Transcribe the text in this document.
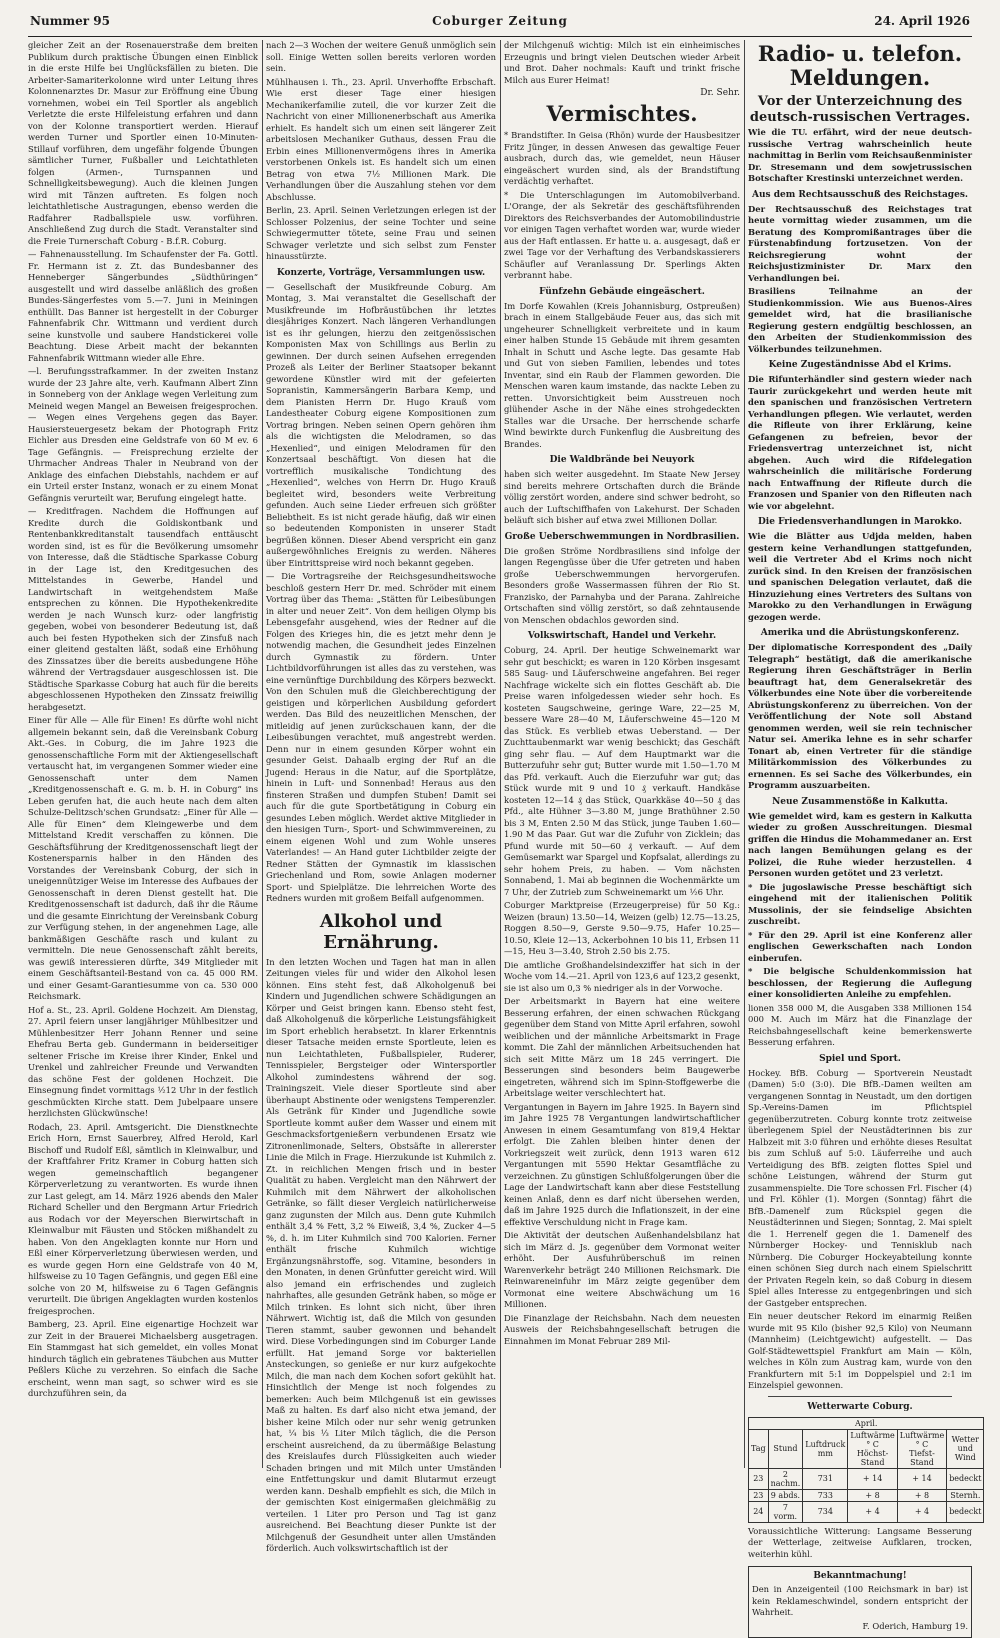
Nummer 95	Coburger Zeitung	24. April 1926

gleicher Zeit an der Rosenauerstraße dem breiten Publikum durch praktische Übungen einen Einblick in die erste Hilfe bei Unglücksfällen zu bieten. Die Arbeiter-Samariterkolonne wird unter Leitung ihres Kolonnenarztes Dr. Masur zur Eröffnung eine Übung vornehmen, wobei ein Teil Sportler als angeblich Verletzte die erste Hilfeleistung erfahren und dann von der Kolonne transportiert werden. Hierauf werden Turner und Sportler einen 10-Minuten-Stillauf vorführen, dem ungefähr folgende Übungen sämtlicher Turner, Fußballer und Leichtathleten folgen (Armen-, Turnspannen und Schnelligkeitsbewegung). Auch die kleinen Jungen wird mit Tänzen auftreten. Es folgen noch leichtathletische Austragungen, ebenso werden die Radfahrer Radballspiele usw. vorführen. Anschließend Zug durch die Stadt. Veranstalter sind die Freie Turnerschaft Coburg - B.f.R. Coburg.

— Fahnenausstellung. Im Schaufenster der Fa. Gottl. Fr. Hermann ist z. Zt. das Bundesbanner des Henneberger Sängerbundes „Südthüringen“ ausgestellt und wird dasselbe anläßlich des großen Bundes-Sängerfestes vom 5.—7. Juni in Meiningen enthüllt. Das Banner ist hergestellt in der Coburger Fahnenfabrik Chr. Wittmann und verdient durch seine kunstvolle und saubere Handstickerei volle Beachtung. Diese Arbeit macht der bekannten Fahnenfabrik Wittmann wieder alle Ehre.

—l. Berufungsstrafkammer. In der zweiten Instanz wurde der 23 Jahre alte, verh. Kaufmann Albert Zinn in Sonneberg von der Anklage wegen Verleitung zum Meineid wegen Mangel an Beweisen freigesprochen. — Wegen eines Vergehens gegen das Bayer. Hausiersteuergesetz bekam der Photograph Fritz Eichler aus Dresden eine Geldstrafe von 60 M ev. 6 Tage Gefängnis. — Freisprechung erzielte der Uhrmacher Andreas Thaler in Neubrand von der Anklage des einfachen Diebstahls, nachdem er auf ein Urteil erster Instanz, wonach er zu einem Monat Gefängnis verurteilt war, Berufung eingelegt hatte.

— Kreditfragen. Nachdem die Hoffnungen auf Kredite durch die Goldiskontbank und Rentenbankkreditanstalt tausendfach enttäuscht worden sind, ist es für die Bevölkerung umsomehr von Interesse, daß die Städtische Sparkasse Coburg in der Lage ist, den Kreditgesuchen des Mittelstandes in Gewerbe, Handel und Landwirtschaft in weitgehendstem Maße entsprechen zu können. Die Hypothekenkredite werden je nach Wunsch kurz- oder langfristig gegeben, wobei von besonderer Bedeutung ist, daß auch bei festen Hypotheken sich der Zinsfuß nach einer gleitend gestalten läßt, sodaß eine Erhöhung des Zinssatzes über die bereits ausbedungene Höhe während der Vertragsdauer ausgeschlossen ist. Die Städtische Sparkasse Coburg hat auch für die bereits abgeschlossenen Hypotheken den Zinssatz freiwillig herabgesetzt.

Einer für Alle — Alle für Einen! Es dürfte wohl nicht allgemein bekannt sein, daß die Vereinsbank Coburg Akt.-Ges. in Coburg, die im Jahre 1923 die genossenschaftliche Form mit der Aktiengesellschaft vertauscht hat, im vergangenen Sommer wieder eine Genossenschaft unter dem Namen „Kreditgenossenschaft e. G. m. b. H. in Coburg“ ins Leben gerufen hat, die auch heute nach dem alten Schulze-Delitzsch'schen Grundsatz: „Einer für Alle — Alle für Einen“ dem Kleingewerbe und dem Mittelstand Kredit verschaffen zu können. Die Geschäftsführung der Kreditgenossenschaft liegt der Kostenersparnis halber in den Händen des Vorstandes der Vereinsbank Coburg, der sich in uneigennütziger Weise im Interesse des Aufbaues der Genossenschaft in deren Dienst gestellt hat. Die Kreditgenossenschaft ist dadurch, daß ihr die Räume und die gesamte Einrichtung der Vereinsbank Coburg zur Verfügung stehen, in der angenehmen Lage, alle bankmäßigen Geschäfte rasch und kulant zu vermitteln. Die neue Genossenschaft zählt bereits, was gewiß interessieren dürfte, 349 Mitglieder mit einem Geschäftsanteil-Bestand von ca. 45 000 RM. und einer Gesamt-Garantiesumme von ca. 530 000 Reichsmark.

Hof a. St., 23. April. Goldene Hochzeit. Am Dienstag, 27. April feiern unser langjähriger Mühlbesitzer und Mühlenbesitzer Herr Johann Renner und seine Ehefrau Berta geb. Gundermann in beiderseitiger seltener Frische im Kreise ihrer Kinder, Enkel und Urenkel und zahlreicher Freunde und Verwandten das schöne Fest der goldenen Hochzeit. Die Einsegnung findet vormittags ½12 Uhr in der festlich geschmückten Kirche statt. Dem Jubelpaare unsere herzlichsten Glückwünsche!

Rodach, 23. April. Amtsgericht. Die Dienstknechte Erich Horn, Ernst Sauerbrey, Alfred Herold, Karl Bischoff und Rudolf Eßl, sämtlich in Kleinwalbur, und der Kraftfahrer Fritz Kramer in Coburg hatten sich wegen gemeinschaftlich begangener Körperverletzung zu verantworten. Es wurde ihnen zur Last gelegt, am 14. März 1926 abends den Maler Richard Scheller und den Bergmann Artur Friedrich aus Rodach vor der Meyerschen Bierwirtschaft in Kleinwalbur mit Fäusten und Stöcken mißhandelt zu haben. Von den Angeklagten konnte nur Horn und Eßl einer Körperverletzung überwiesen werden, und es wurde gegen Horn eine Geldstrafe von 40 M, hilfsweise zu 10 Tagen Gefängnis, und gegen Eßl eine solche von 20 M, hilfsweise zu 6 Tagen Gefängnis verurteilt. Die übrigen Angeklagten wurden kostenlos freigesprochen.

Bamberg, 23. April. Eine eigenartige Hochzeit war zur Zeit in der Brauerei Michaelsberg ausgetragen. Ein Stammgast hat sich gemeldet, ein volles Monat hindurch täglich ein gebratenes Täubchen aus Mutter Peßlers Küche zu verzehren. So einfach die Sache erscheint, wenn man sagt, so schwer wird es sie durchzuführen sein, da

nach 2—3 Wochen der weitere Genuß unmöglich sein soll. Einige Wetten sollen bereits verloren worden sein.

Mühlhausen i. Th., 23. April. Unverhoffte Erbschaft. Wie erst dieser Tage einer hiesigen Mechanikerfamilie zuteil, die vor kurzer Zeit die Nachricht von einer Millionenerbschaft aus Amerika erhielt. Es handelt sich um einen seit längerer Zeit arbeitslosen Mechaniker Guthaus, dessen Frau die Erbin eines Millionenvermögens ihres in Amerika verstorbenen Onkels ist. Es handelt sich um einen Betrag von etwa 7½ Millionen Mark. Die Verhandlungen über die Auszahlung stehen vor dem Abschlusse.

Berlin, 23. April. Seinen Verletzungen erlegen ist der Schlosser Polzenius, der seine Tochter und seine Schwiegermutter tötete, seine Frau und seinen Schwager verletzte und sich selbst zum Fenster hinausstürzte.

Konzerte, Vorträge, Versammlungen usw.

— Gesellschaft der Musikfreunde Coburg. Am Montag, 3. Mai veranstaltet die Gesellschaft der Musikfreunde im Hofbräustübchen ihr letztes diesjähriges Konzert. Nach längeren Verhandlungen ist es ihr gelungen, hierzu den zeitgenössischen Komponisten Max von Schillings aus Berlin zu gewinnen. Der durch seinen Aufsehen erregenden Prozeß als Leiter der Berliner Staatsoper bekannt gewordene Künstler wird mit der gefeierten Sopranistin, Kammersängerin Barbara Kemp, und dem Pianisten Herrn Dr. Hugo Krauß vom Landestheater Coburg eigene Kompositionen zum Vortrag bringen. Neben seinen Opern gehören ihm als die wichtigsten die Melodramen, so das „Hexenlied“, und einigen Melodramen für den Konzertsaal beschäftigt. Von diesen hat die vortrefflich musikalische Tondichtung des „Hexenlied“, welches von Herrn Dr. Hugo Krauß begleitet wird, besonders weite Verbreitung gefunden. Auch seine Lieder erfreuen sich größter Beliebtheit. Es ist nicht gerade häufig, daß wir einen so bedeutenden Komponisten in unserer Stadt begrüßen können. Dieser Abend verspricht ein ganz außergewöhnliches Ereignis zu werden. Näheres über Eintrittspreise wird noch bekannt gegeben.

— Die Vortragsreihe der Reichsgesundheitswoche beschloß gestern Herr Dr. med. Schröder mit einem Vortrag über das Thema: „Stätten für Leibesübungen in alter und neuer Zeit“. Von dem heiligen Olymp bis Lebensgefahr ausgehend, wies der Redner auf die Folgen des Krieges hin, die es jetzt mehr denn je notwendig machen, die Gesundheit jedes Einzelnen durch Gymnastik zu fördern. Unter Lichtbildvorführungen ist alles das zu verstehen, was eine vernünftige Durchbildung des Körpers bezweckt. Von den Schulen muß die Gleichberechtigung der geistigen und körperlichen Ausbildung gefordert werden. Das Bild des neuzeitlichen Menschen, der mitleidig auf jenen zurückschauen kann, der die Leibesübungen verachtet, muß angestrebt werden. Denn nur in einem gesunden Körper wohnt ein gesunder Geist. Dahaalb erging der Ruf an die Jugend: Heraus in die Natur, auf die Sportplätze, hinein in Luft- und Sonnenbad! Heraus aus den finsteren Straßen und dumpfen Stuben! Damit sei auch für die gute Sportbetätigung in Coburg ein gesundes Leben möglich. Werdet aktive Mitglieder in den hiesigen Turn-, Sport- und Schwimmvereinen, zu einem eigenen Wohl und zum Wohle unseres Vaterlandes! — An Hand guter Lichtbilder zeigte der Redner Stätten der Gymnastik im klassischen Griechenland und Rom, sowie Anlagen moderner Sport- und Spielplätze. Die lehrreichen Worte des Redners wurden mit großem Beifall aufgenommen.

Alkohol und Ernährung.

In den letzten Wochen und Tagen hat man in allen Zeitungen vieles für und wider den Alkohol lesen können. Eins steht fest, daß Alkoholgenuß bei Kindern und Jugendlichen schwere Schädigungen an Körper und Geist bringen kann. Ebenso steht fest, daß Alkoholgenuß die körperliche Leistungsfähigkeit im Sport erheblich herabsetzt. In klarer Erkenntnis dieser Tatsache meiden ernste Sportleute, leien es nun Leichtathleten, Fußballspieler, Ruderer, Tennisspieler, Bergsteiger oder Wintersportler Alkohol zumindestens während der sog. Trainingszeit. Viele dieser Sportleute sind aber überhaupt Abstinente oder wenigstens Temperenzler. Als Getränk für Kinder und Jugendliche sowie Sportleute kommt außer dem Wasser und einem mit Geschmacksfortgenießern verbundenen Ersatz wie Zitronenlimonade, Selters, Obstsäfte in allererster Linie die Milch in Frage. Hierzukunde ist Kuhmilch z. Zt. in reichlichen Mengen frisch und in bester Qualität zu haben. Vergleicht man den Nährwert der Kuhmilch mit dem Nährwert der alkoholischen Getränke, so fällt dieser Vergleich natürlicherweise ganz zugunsten der Milch aus. Denn gute Kuhmilch enthält 3,4 % Fett, 3,2 % Eiweiß, 3,4 %, Zucker 4—5 %, d. h. im Liter Kuhmilch sind 700 Kalorien. Ferner enthält frische Kuhmilch wichtige Ergänzungsnährstoffe, sog. Vitamine, besonders in den Monaten, in denen Grünfutter gereicht wird. Will also jemand ein erfrischendes und zugleich nahrhaftes, alle gesunden Getränk haben, so möge er Milch trinken. Es lohnt sich nicht, über ihren Nährwert. Wichtig ist, daß die Milch von gesunden Tieren stammt, sauber gewonnen und behandelt wird. Diese Vorbedingungen sind im Coburger Lande erfüllt. Hat jemand Sorge vor bakteriellen Ansteckungen, so genieße er nur kurz aufgekochte Milch, die man nach dem Kochen sofort gekühlt hat. Hinsichtlich der Menge ist noch folgendes zu bemerken: Auch beim Milchgenuß ist ein gewisses Maß zu halten. Es darf also nicht etwa jemand, der bisher keine Milch oder nur sehr wenig getrunken hat, ¼ bis ⅓ Liter Milch täglich, die die Person erscheint ausreichend, da zu übermäßige Belastung des Kreislaufes durch Flüssigkeiten auch wieder Schaden bringen und mit Milch unter Umständen eine Entfettungskur und damit Blutarmut erzeugt werden kann. Deshalb empfiehlt es sich, die Milch in der gemischten Kost einigermaßen gleichmäßig zu verteilen. 1 Liter pro Person und Tag ist ganz ausreichend. Bei Beachtung dieser Punkte ist der Milchgenuß der Gesundheit unter allen Umständen förderlich. Auch volkswirtschaftlich ist der

der Milchgenuß wichtig: Milch ist ein einheimisches Erzeugnis und bringt vielen Deutschen wieder Arbeit und Brot. Daher nochmals: Kauft und trinkt frische Milch aus Eurer Heimat!

Dr. Sehr.
Vermischtes.

* Brandstifter. In Geisa (Rhön) wurde der Hausbesitzer Fritz Jünger, in dessen Anwesen das gewaltige Feuer ausbrach, durch das, wie gemeldet, neun Häuser eingeäschert wurden sind, als der Brandstiftung verdächtig verhaftet.

* Die Unterschlagungen im Automobilverband. L'Orange, der als Sekretär des geschäftsführenden Direktors des Reichsverbandes der Automobilindustrie vor einigen Tagen verhaftet worden war, wurde wieder aus der Haft entlassen. Er hatte u. a. ausgesagt, daß er zwei Tage vor der Verhaftung des Verbandskassierers Schäufler auf Veranlassung Dr. Sperlings Akten verbrannt habe.

Fünfzehn Gebäude eingeäschert.

Im Dorfe Kowahlen (Kreis Johannisburg, Ostpreußen) brach in einem Stallgebäude Feuer aus, das sich mit ungeheurer Schnelligkeit verbreitete und in kaum einer halben Stunde 15 Gebäude mit ihrem gesamten Inhalt in Schutt und Asche legte. Das gesamte Hab und Gut von sieben Familien, lebendes und totes Inventar, sind ein Raub der Flammen geworden. Die Menschen waren kaum imstande, das nackte Leben zu retten. Unvorsichtigkeit beim Ausstreuen noch glühender Asche in der Nähe eines strohgedeckten Stalles war die Ursache. Der herrschende scharfe Wind bewirkte durch Funkenflug die Ausbreitung des Brandes.

Die Waldbrände bei Neuyork

haben sich weiter ausgedehnt. Im Staate New Jersey sind bereits mehrere Ortschaften durch die Brände völlig zerstört worden, andere sind schwer bedroht, so auch der Luftschiffhafen von Lakehurst. Der Schaden beläuft sich bisher auf etwa zwei Millionen Dollar.

Große Ueberschwemmungen in Nordbrasilien.

Die großen Ströme Nordbrasiliens sind infolge der langen Regengüsse über die Ufer getreten und haben große Ueberschwemmungen hervorgerufen. Besonders große Wassermassen führen der Rio St. Franzisko, der Parnahyba und der Parana. Zahlreiche Ortschaften sind völlig zerstört, so daß zehntausende von Menschen obdachlos geworden sind.

Volkswirtschaft, Handel und Verkehr.

Coburg, 24. April. Der heutige Schweinemarkt war sehr gut beschickt; es waren in 120 Körben insgesamt 585 Saug- und Läuferschweine angefahren. Bei reger Nachfrage wickelte sich ein flottes Geschäft ab. Die Preise waren infolgedessen wieder sehr hoch. Es kosteten Saugschweine, geringe Ware, 22—25 M, bessere Ware 28—40 M, Läuferschweine 45—120 M das Stück. Es verblieb etwas Ueberstand. — Der Zuchttaubenmarkt war wenig beschickt; das Geschäft ging sehr flau. — Auf dem Hauptmarkt war die Butterzufuhr sehr gut; Butter wurde mit 1.50—1.70 M das Pfd. verkauft. Auch die Eierzufuhr war gut; das Stück wurde mit 9 und 10 ₰ verkauft. Handkäse kosteten 12—14 ₰ das Stück, Quarkkäse 40—50 ₰ das Pfd., alte Hühner 3—3.80 M, junge Brathühner 2.50 bis 3 M, Enten 2.50 M das Stück, junge Tauben 1.60—1.90 M das Paar. Gut war die Zufuhr von Zicklein; das Pfund wurde mit 50—60 ₰ verkauft. — Auf dem Gemüsemarkt war Spargel und Kopfsalat, allerdings zu sehr hohem Preis, zu haben. — Vom nächsten Sonnabend, 1. Mai ab beginnen die Wochenmärkte um 7 Uhr, der Zutrieb zum Schweinemarkt um ½6 Uhr.

Coburger Marktpreise (Erzeugerpreise) für 50 Kg.: Weizen (braun) 13.50—14, Weizen (gelb) 12.75—13.25, Roggen 8.50—9, Gerste 9.50—9.75, Hafer 10.25—10.50, Kleie 12—13, Ackerbohnen 10 bis 11, Erbsen 11—15, Heu 3—3.40, Stroh 2.50 bis 2.75.

Die amtliche Großhandelsindexziffer hat sich in der Woche vom 14.—21. April von 123,6 auf 123,2 gesenkt, sie ist also um 0,3 % niedriger als in der Vorwoche.

Der Arbeitsmarkt in Bayern hat eine weitere Besserung erfahren, der einen schwachen Rückgang gegenüber dem Stand von Mitte April erfahren, sowohl weiblichen und der männliche Arbeitsmarkt in Frage kommt. Die Zahl der männlichen Arbeitsuchenden hat sich seit Mitte März um 18 245 verringert. Die Besserungen sind besonders beim Baugewerbe eingetreten, während sich im Spinn-Stoffgewerbe die Arbeitslage weiter verschlechtert hat.

Vergantungen in Bayern im Jahre 1925. In Bayern sind im Jahre 1925 78 Vergantungen landwirtschaftlicher Anwesen in einem Gesamtumfang von 819,4 Hektar erfolgt. Die Zahlen bleiben hinter denen der Vorkriegszeit weit zurück, denn 1913 waren 612 Vergantungen mit 5590 Hektar Gesamtfläche zu verzeichnen. Zu günstigen Schlußfolgerungen über die Lage der Landwirtschaft kann aber diese Feststellung keinen Anlaß, denn es darf nicht übersehen werden, daß im Jahre 1925 durch die Inflationszeit, in der eine effektive Verschuldung nicht in Frage kam.

Die Aktivität der deutschen Außenhandelsbilanz hat sich im März d. Js. gegenüber dem Vormonat weiter erhöht. Der Ausfuhrüberschuß im reinen Warenverkehr beträgt 240 Millionen Reichsmark. Die Reinwareneinfuhr im März zeigte gegenüber dem Vormonat eine weitere Abschwächung um 16 Millionen.

Die Finanzlage der Reichsbahn. Nach dem neuesten Ausweis der Reichsbahngesellschaft betrugen die Einnahmen im Monat Februar 289 Mil-

Radio- u. telefon. Meldungen.
Vor der Unterzeichnung des deutsch-russischen Vertrages.

Wie die TU. erfährt, wird der neue deutsch-russische Vertrag wahrscheinlich heute nachmittag in Berlin vom Reichsaußenminister Dr. Stresemann und dem sowjetrussischen Botschafter Krestinski unterzeichnet werden.

Aus dem Rechtsausschuß des Reichstages.

Der Rechtsausschuß des Reichstages trat heute vormittag wieder zusammen, um die Beratung des Kompromißantrages über die Fürstenabfindung fortzusetzen. Von der Reichsregierung wohnt der Reichsjustizminister Dr. Marx den Verhandlungen bei.

Brasiliens Teilnahme an der Studienkommission. Wie aus Buenos-Aires gemeldet wird, hat die brasilianische Regierung gestern endgültig beschlossen, an den Arbeiten der Studienkommission des Völkerbundes teilzunehmen.

Keine Zugeständnisse Abd el Krims.

Die Rifunterhändler sind gestern wieder nach Taurir zurückgekehrt und werden heute mit den spanischen und französischen Vertretern Verhandlungen pflegen. Wie verlautet, werden die Rifleute von ihrer Erklärung, keine Gefangenen zu befreien, bevor der Friedensvertrag unterzeichnet ist, nicht abgehen. Auch wird die Rifdelegation wahrscheinlich die militärische Forderung nach Entwaffnung der Rifleute durch die Franzosen und Spanier von den Rifleuten nach wie vor abgelehnt.

Die Friedensverhandlungen in Marokko.

Wie die Blätter aus Udjda melden, haben gestern keine Verhandlungen stattgefunden, weil die Vertreter Abd el Krims noch nicht zurück sind. In den Kreisen der französischen und spanischen Delegation verlautet, daß die Hinzuziehung eines Vertreters des Sultans von Marokko zu den Verhandlungen in Erwägung gezogen werde.

Amerika und die Abrüstungskonferenz.

Der diplomatische Korrespondent des „Daily Telegraph“ bestätigt, daß die amerikanische Regierung ihren Geschäftsträger in Berlin beauftragt hat, dem Generalsekretär des Völkerbundes eine Note über die vorbereitende Abrüstungskonferenz zu überreichen. Von der Veröffentlichung der Note soll Abstand genommen werden, weil sie rein technischer Natur sei. Amerika lehne es in sehr scharfer Tonart ab, einen Vertreter für die ständige Militärkommission des Völkerbundes zu ernennen. Es sei Sache des Völkerbundes, ein Programm auszuarbeiten.

Neue Zusammenstöße in Kalkutta.

Wie gemeldet wird, kam es gestern in Kalkutta wieder zu großen Ausschreitungen. Diesmal griffen die Hindus die Mohammedaner an. Erst nach langen Bemühungen gelang es der Polizei, die Ruhe wieder herzustellen. 4 Personen wurden getötet und 23 verletzt.

* Die jugoslawische Presse beschäftigt sich eingehend mit der italienischen Politik Mussolinis, der sie feindselige Absichten zuschreibt.

* Für den 29. April ist eine Konferenz aller englischen Gewerkschaften nach London einberufen.

* Die belgische Schuldenkommission hat beschlossen, der Regierung die Auflegung einer konsolidierten Anleihe zu empfehlen.

lionen 358 000 M, die Ausgaben 338 Millionen 154 000 M. Auch im März hat die Finanzlage der Reichsbahngesellschaft keine bemerkenswerte Besserung erfahren.

Spiel und Sport.

Hockey. BfB. Coburg — Sportverein Neustadt (Damen) 5:0 (3:0). Die BfB.-Damen weilten am vergangenen Sonntag in Neustadt, um den dortigen Sp.-Vereins-Damen im Pflichtspiel gegenüberzutreten. Coburg konnte trotz zeitweise überlegenem Spiel der Neustädterinnen bis zur Halbzeit mit 3:0 führen und erhöhte dieses Resultat bis zum Schluß auf 5:0. Läuferreihe und auch Verteidigung des BfB. zeigten flottes Spiel und schöne Leistungen, während der Sturm gut zusammenspielte. Die Tore schossen Frl. Fischer (4) und Frl. Köhler (1). Morgen (Sonntag) fährt die BfB.-Damenelf zum Rückspiel gegen die Neustädterinnen und Siegen; Sonntag, 2. Mai spielt die 1. Herrenelf gegen die 1. Damenelf des Nürnberger Hockey- und Tennisklub nach Nürnberg. Die Coburger Hockeyabteilung konnte einen schönen Sieg durch nach einem Spielschritt der Privaten Regeln kein, so daß Coburg in diesem Spiel alles Interesse zu entgegenbringen und sich der Gastgeber entsprechen.

Ein neuer deutscher Rekord im einarmig Reißen wurde mit 95 Kilo (bisher 92,5 Kilo) von Neumann (Mannheim) (Leichtgewicht) aufgestellt. — Das Golf-Städtewettspiel Frankfurt am Main — Köln, welches in Köln zum Austrag kam, wurde von den Frankfurtern mit 5:1 im Doppelspiel und 2:1 im Einzelspiel gewonnen.

Wetterwarte Coburg.
April.					
Tag	Stund	Luftdruck mm	Luftwärme ° C
Höchst-Stand	Luftwärme ° C
Tiefst-Stand	Wetter und Wind
23	2 nachm.	731	+ 14	+ 14	bedeckt
23	9 abds.	733	+ 8	+ 8	Sternh.
24	7 vorm.	734	+ 4	+ 4	bedeckt

Voraussichtliche Witterung: Langsame Besserung der Wetterlage, zeitweise Aufklaren, trocken, weiterhin kühl.

Bekanntmachung!

Den in Anzeigenteil (100 Reichsmark in bar) ist kein Reklameschwindel, sondern entspricht der Wahrheit.

F. Oderich, Hamburg 19.
